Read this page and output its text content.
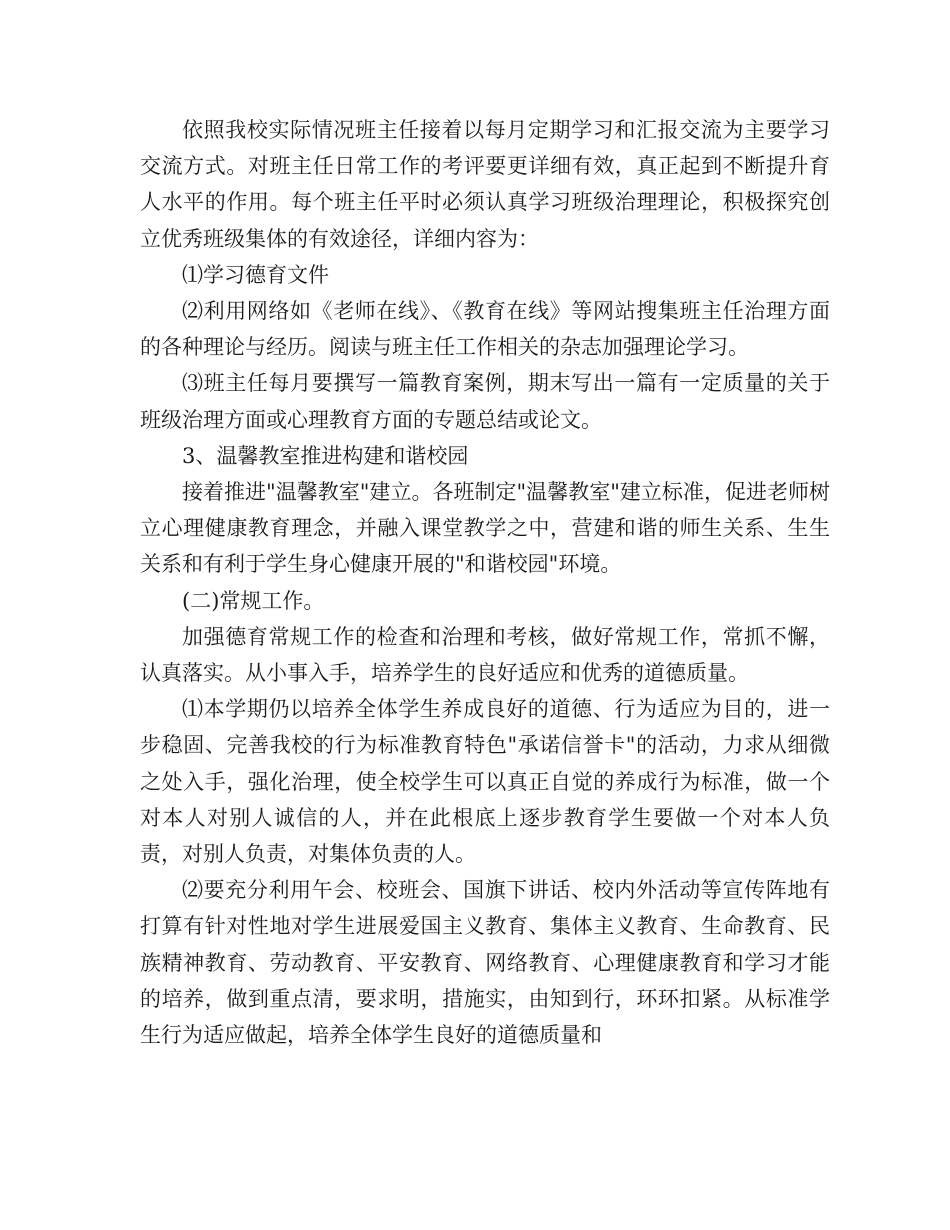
依照我校实际情况班主任接着以每月定期学习和汇报交流为主要学习交流方式。对班主任日常工作的考评要更详细有效，真正起到不断提升育人水平的作用。每个班主任平时必须认真学习班级治理理论，积极探究创立优秀班级集体的有效途径，详细内容为：

⑴学习德育文件

⑵利用网络如《老师在线》、《教育在线》等网站搜集班主任治理方面的各种理论与经历。阅读与班主任工作相关的杂志加强理论学习。

⑶班主任每月要撰写一篇教育案例，期末写出一篇有一定质量的关于班级治理方面或心理教育方面的专题总结或论文。

3、温馨教室推进构建和谐校园

接着推进"温馨教室"建立。各班制定"温馨教室"建立标准，促进老师树立心理健康教育理念，并融入课堂教学之中，营建和谐的师生关系、生生关系和有利于学生身心健康开展的"和谐校园"环境。

(二)常规工作。

加强德育常规工作的检查和治理和考核，做好常规工作，常抓不懈，认真落实。从小事入手，培养学生的良好适应和优秀的道德质量。

⑴本学期仍以培养全体学生养成良好的道德、行为适应为目的，进一步稳固、完善我校的行为标准教育特色"承诺信誉卡"的活动，力求从细微之处入手，强化治理，使全校学生可以真正自觉的养成行为标准，做一个对本人对别人诚信的人，并在此根底上逐步教育学生要做一个对本人负责，对别人负责，对集体负责的人。

⑵要充分利用午会、校班会、国旗下讲话、校内外活动等宣传阵地有打算有针对性地对学生进展爱国主义教育、集体主义教育、生命教育、民族精神教育、劳动教育、平安教育、网络教育、心理健康教育和学习才能的培养，做到重点清，要求明，措施实，由知到行，环环扣紧。从标准学生行为适应做起，培养全体学生良好的道德质量和
